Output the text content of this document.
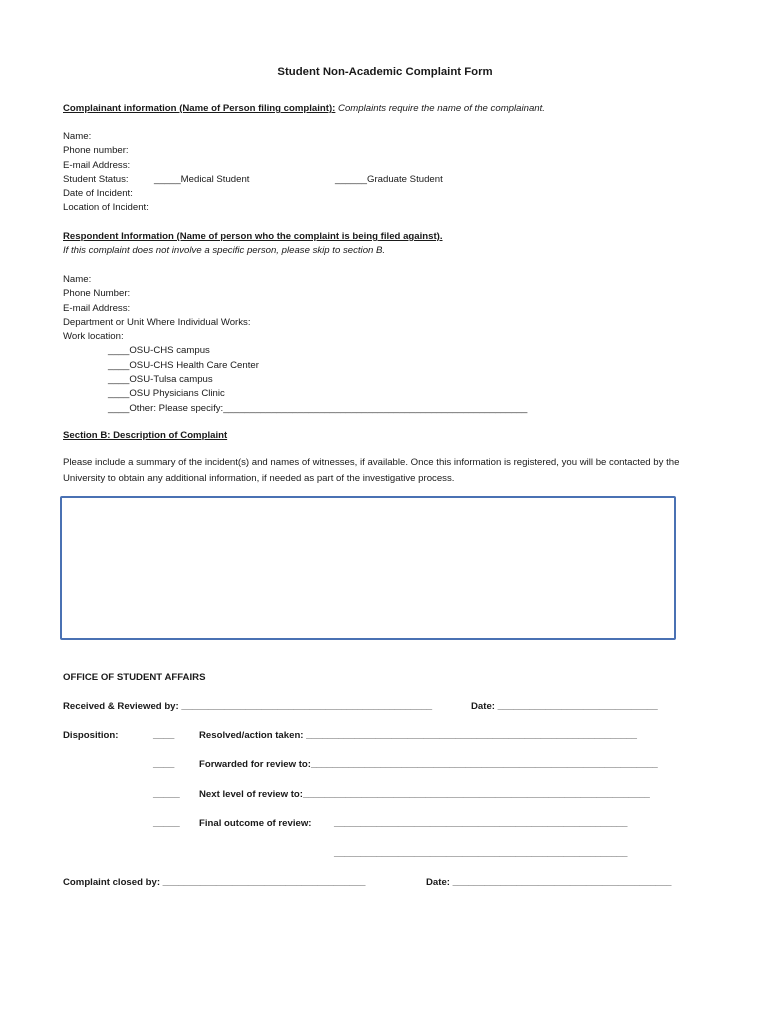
Student Non-Academic Complaint Form
Complainant information (Name of Person filing complaint): Complaints require the name of the complainant.
Name:
Phone number:
E-mail Address:
Student Status:	_____Medical Student	______Graduate Student
Date of Incident:
Location of Incident:
Respondent Information (Name of person who the complaint is being filed against).
If this complaint does not involve a specific person, please skip to section B.
Name:
Phone Number:
E-mail Address:
Department or Unit Where Individual Works:
Work location:
____OSU-CHS campus
____OSU-CHS Health Care Center
____OSU-Tulsa campus
____OSU Physicians Clinic
____Other: Please specify:_________________________________________________________
Section B: Description of Complaint
Please include a summary of the incident(s) and names of witnesses, if available. Once this information is registered, you will be contacted by the University to obtain any additional information, if needed as part of the investigative process.
OFFICE OF STUDENT AFFAIRS
Received & Reviewed by: _______________________________________________	Date: ______________________________
Disposition:	____	Resolved/action taken: ______________________________________________________________
____	Forwarded for review to:_________________________________________________________________
_____ Next level of review to:_________________________________________________________________
_____ Final outcome of review: _______________________________________________________
_______________________________________________________
Complaint closed by: ______________________________________	Date: _________________________________________
